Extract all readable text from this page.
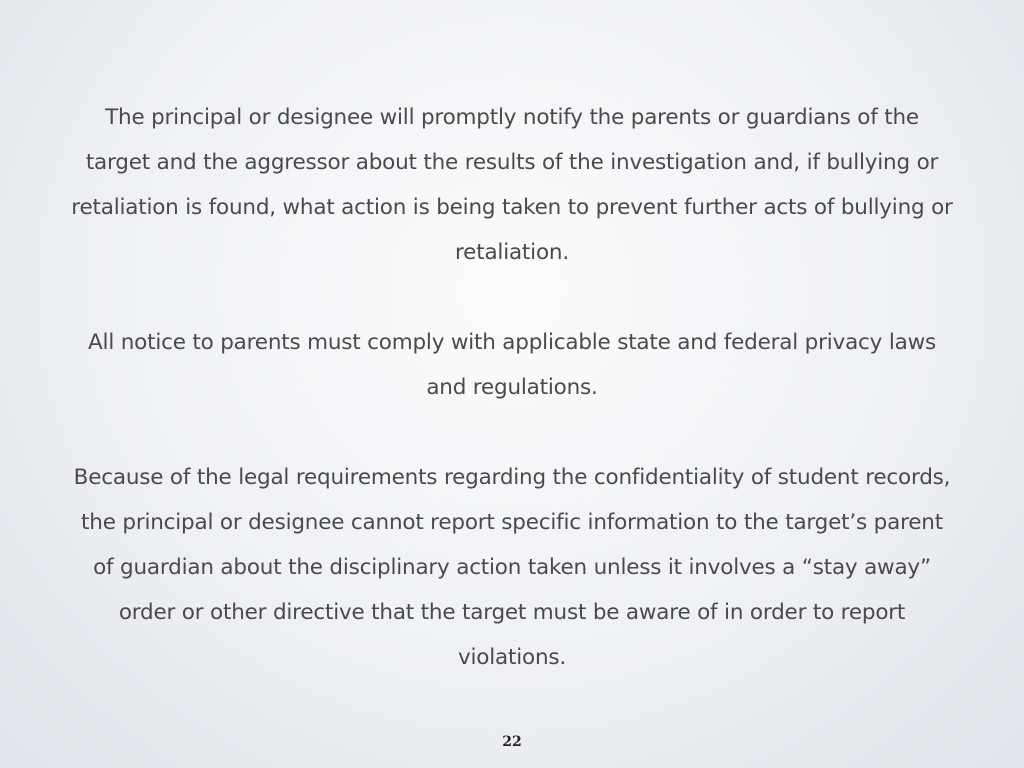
The principal or designee will promptly notify the parents or guardians of the target and the aggressor about the results of the investigation and, if bullying or retaliation is found, what action is being taken to prevent further acts of bullying or retaliation.

All notice to parents must comply with applicable state and federal privacy laws and regulations.

Because of the legal requirements regarding the confidentiality of student records, the principal or designee cannot report specific information to the target’s parent of guardian about the disciplinary action taken unless it involves a “stay away” order or other directive that the target must be aware of in order to report violations.

22
